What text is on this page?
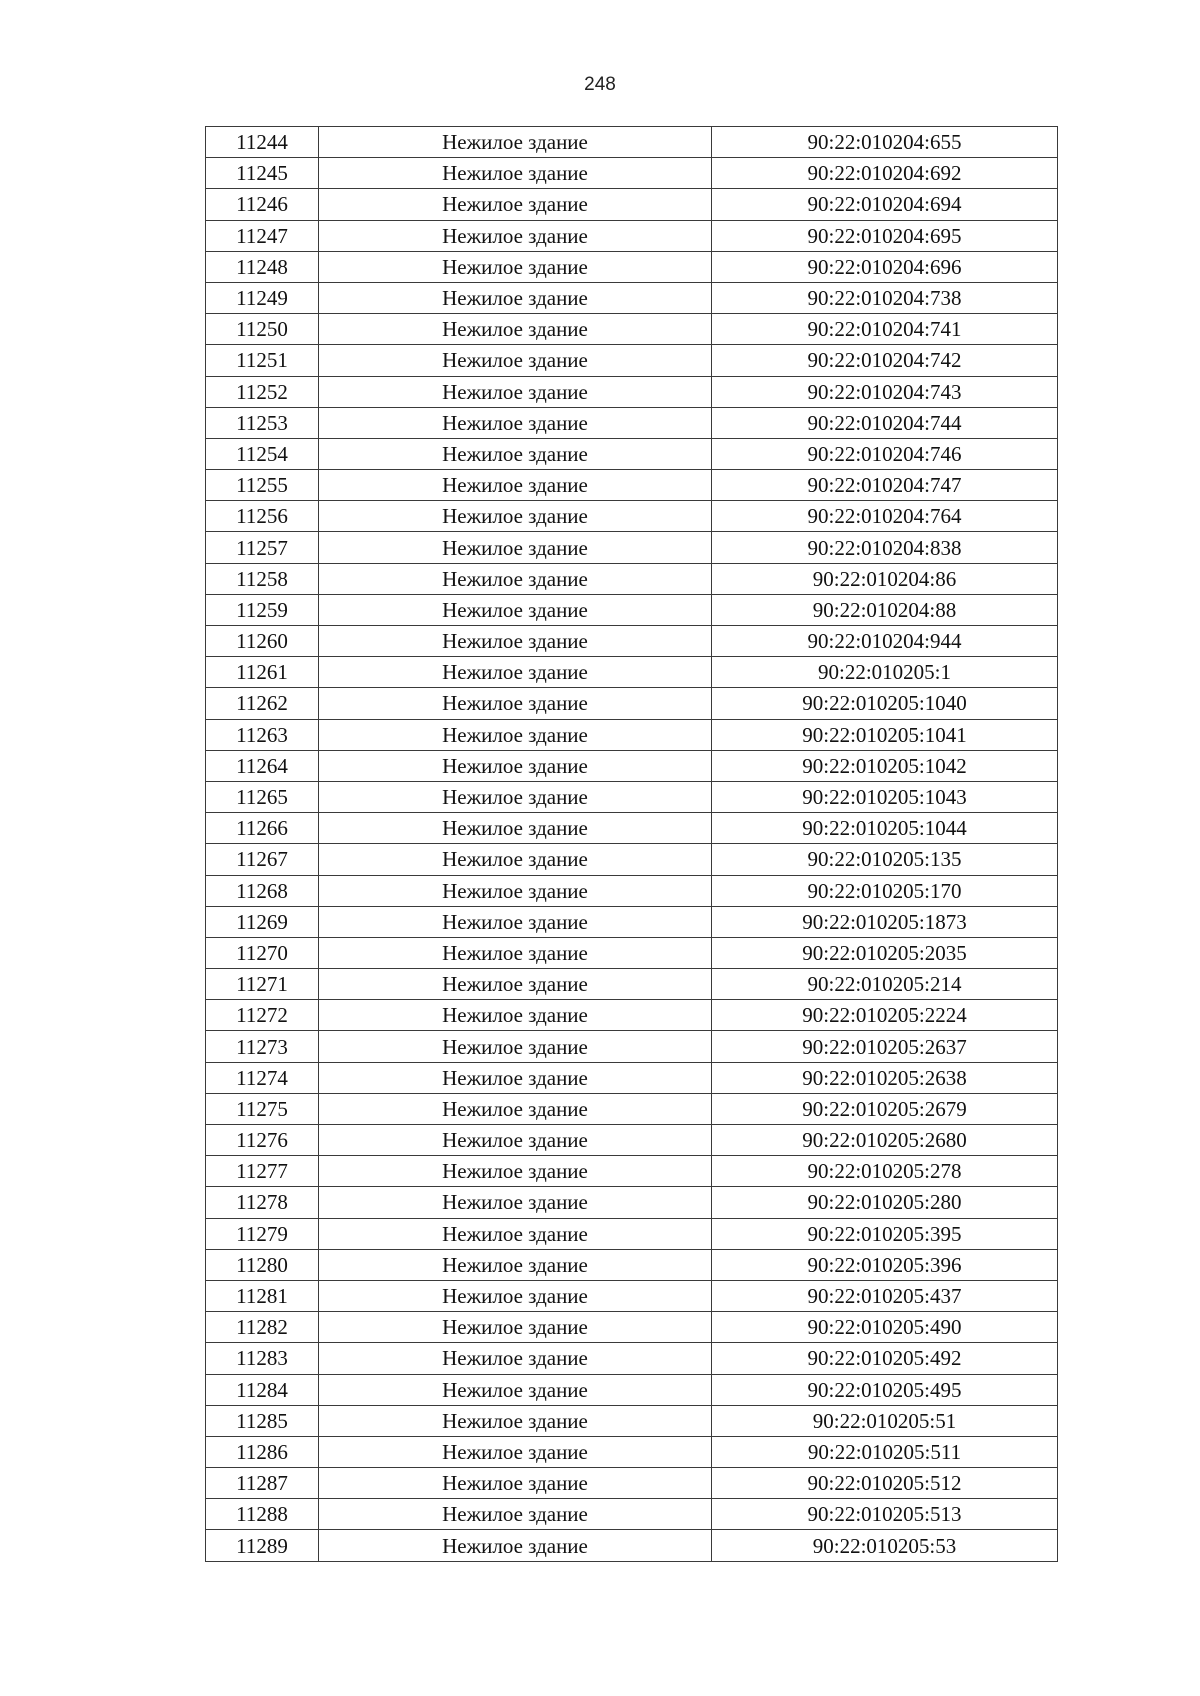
248
11244	Нежилое здание	90:22:010204:655
11245	Нежилое здание	90:22:010204:692
11246	Нежилое здание	90:22:010204:694
11247	Нежилое здание	90:22:010204:695
11248	Нежилое здание	90:22:010204:696
11249	Нежилое здание	90:22:010204:738
11250	Нежилое здание	90:22:010204:741
11251	Нежилое здание	90:22:010204:742
11252	Нежилое здание	90:22:010204:743
11253	Нежилое здание	90:22:010204:744
11254	Нежилое здание	90:22:010204:746
11255	Нежилое здание	90:22:010204:747
11256	Нежилое здание	90:22:010204:764
11257	Нежилое здание	90:22:010204:838
11258	Нежилое здание	90:22:010204:86
11259	Нежилое здание	90:22:010204:88
11260	Нежилое здание	90:22:010204:944
11261	Нежилое здание	90:22:010205:1
11262	Нежилое здание	90:22:010205:1040
11263	Нежилое здание	90:22:010205:1041
11264	Нежилое здание	90:22:010205:1042
11265	Нежилое здание	90:22:010205:1043
11266	Нежилое здание	90:22:010205:1044
11267	Нежилое здание	90:22:010205:135
11268	Нежилое здание	90:22:010205:170
11269	Нежилое здание	90:22:010205:1873
11270	Нежилое здание	90:22:010205:2035
11271	Нежилое здание	90:22:010205:214
11272	Нежилое здание	90:22:010205:2224
11273	Нежилое здание	90:22:010205:2637
11274	Нежилое здание	90:22:010205:2638
11275	Нежилое здание	90:22:010205:2679
11276	Нежилое здание	90:22:010205:2680
11277	Нежилое здание	90:22:010205:278
11278	Нежилое здание	90:22:010205:280
11279	Нежилое здание	90:22:010205:395
11280	Нежилое здание	90:22:010205:396
11281	Нежилое здание	90:22:010205:437
11282	Нежилое здание	90:22:010205:490
11283	Нежилое здание	90:22:010205:492
11284	Нежилое здание	90:22:010205:495
11285	Нежилое здание	90:22:010205:51
11286	Нежилое здание	90:22:010205:511
11287	Нежилое здание	90:22:010205:512
11288	Нежилое здание	90:22:010205:513
11289	Нежилое здание	90:22:010205:53
